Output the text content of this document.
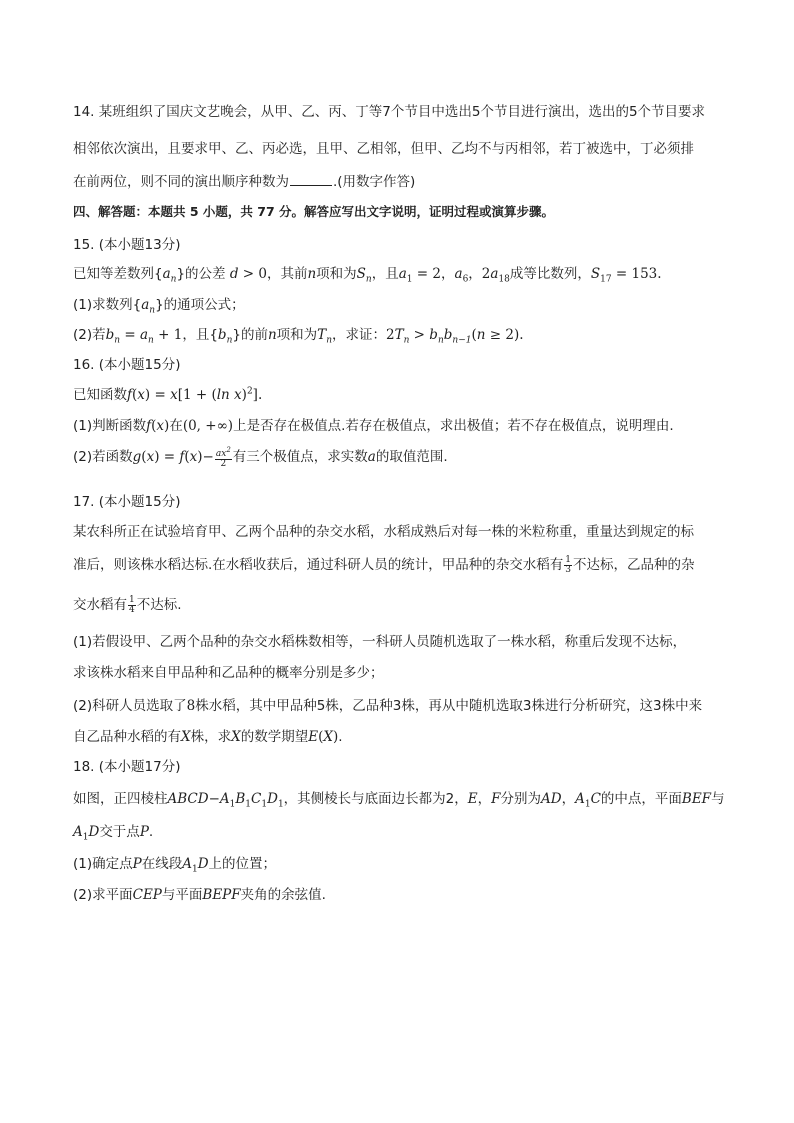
14. 某班组织了国庆文艺晚会，从甲、乙、丙、丁等7个节目中选出5个节目进行演出，选出的5个节目要求
相邻依次演出，且要求甲、乙、丙必选，且甲、乙相邻，但甲、乙均不与丙相邻，若丁被选中，丁必须排
在前两位，则不同的演出顺序种数为	.(用数字作答)
四、解答题：本题共 5 小题，共 77 分。解答应写出文字说明，证明过程或演算步骤。
15. (本小题13分)
已知等差数列$\{a_n\}$的公差 d > 0，其前n项和为$S_n$，且$a_1 = 2$，$a_6$，$2a_{18}$成等比数列，$S_{17} = 153$.
(1)求数列$\{a_n\}$的通项公式；
(2)若$b_n = a_n + 1$，且$\{b_n\}$的前n项和为$T_n$，求证：$2T_n > b_nb_{n-1}(n \ge 2)$.
16. (本小题15分)
已知函数f(x) = x[1 + (ln x)$^2$].
(1)判断函数f(x)在(0, +∞)上是否存在极值点.若存在极值点，求出极值；若不存在极值点，说明理由.
(2)若函数$g(x) = f(x)- \frac{ax^2}{2}$ 有三个极值点，求实数a的取值范围.
17. (本小题15分)
某农科所正在试验培育甲、乙两个品种的杂交水稻，水稻成熟后对每一株的米粒称重，重量达到规定的标
准后，则该株水稻达标.在水稻收获后，通过科研人员的统计，甲品种的杂交水稻有 $\frac{1}{3}$ 不达标，乙品种的杂
交水稻有 $\frac{1}{4}$ 不达标.
(1)若假设甲、乙两个品种的杂交水稻株数相等，一科研人员随机选取了一株水稻，称重后发现不达标，
求该株水稻来自甲品种和乙品种的概率分别是多少；
(2)科研人员选取了8株水稻，其中甲品种5株，乙品种3株，再从中随机选取3株进行分析研究，这3株中来
自乙品种水稻的有X株，求X的数学期望E(X).
18. (本小题17分)
如图，正四棱柱$ABCD-A_1B_1C_1D_1$，其侧棱长与底面边长都为2，E，F分别为AD，$A_1C$的中点，平面BEF与
$A_1D$交于点P.
(1)确定点P在线段$A_1D$上的位置；
(2)求平面CEP与平面BEPF夹角的余弦值.
